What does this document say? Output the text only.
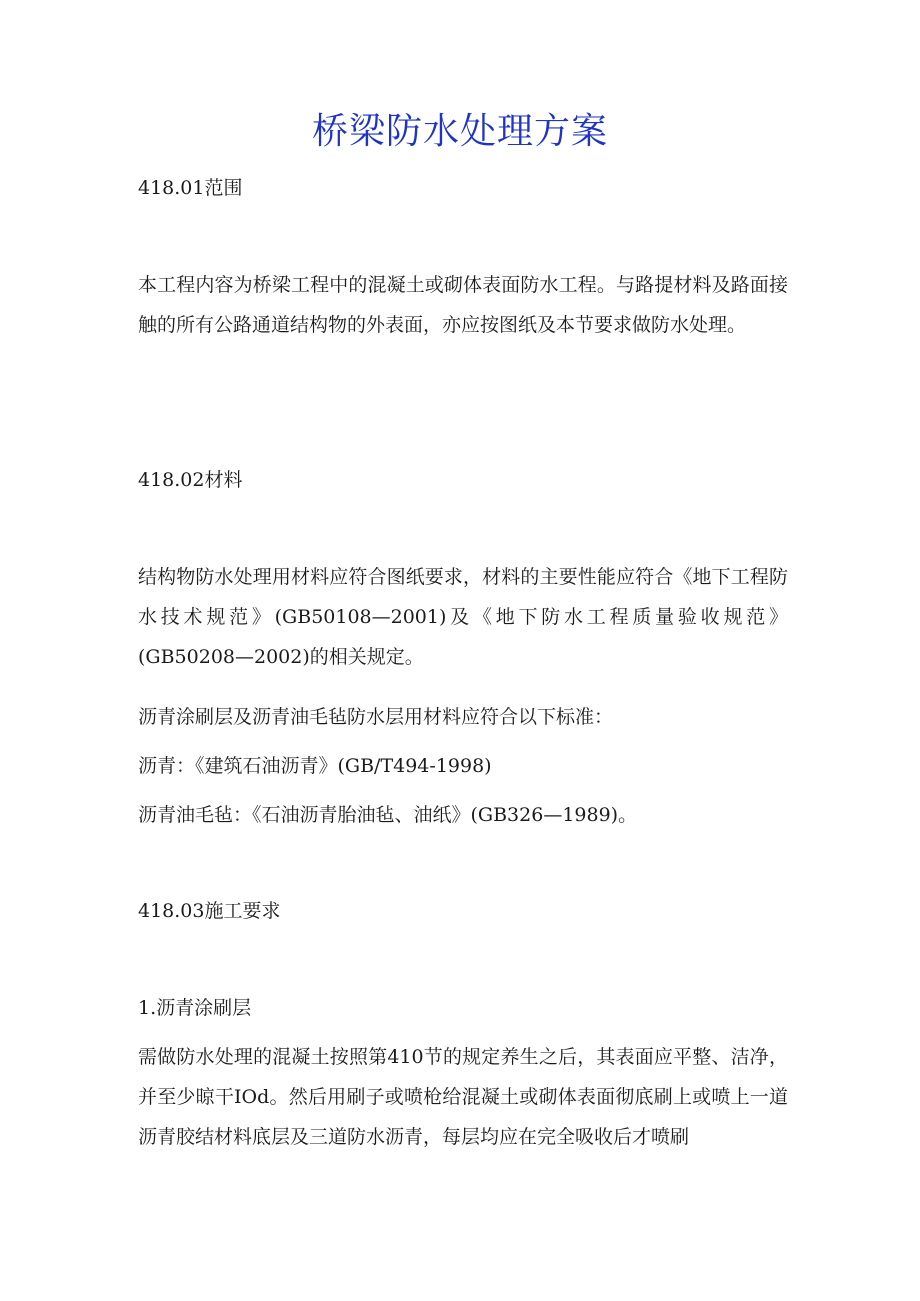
桥梁防水处理方案

418.01范围

本工程内容为桥梁工程中的混凝土或砌体表面防水工程。与路提材料及路面接触的所有公路通道结构物的外表面，亦应按图纸及本节要求做防水处理。

418.02材料

结构物防水处理用材料应符合图纸要求，材料的主要性能应符合《地下工程防水技术规范》(GB50108—2001)及《地下防水工程质量验收规范》(GB50208—2002)的相关规定。

沥青涂刷层及沥青油毛毡防水层用材料应符合以下标准：

沥青：《建筑石油沥青》(GB/T494-1998)

沥青油毛毡：《石油沥青胎油毡、油纸》(GB326—1989)。

418.03施工要求

1.沥青涂刷层

需做防水处理的混凝土按照第410节的规定养生之后，其表面应平整、洁净，并至少晾干IOd。然后用刷子或喷枪给混凝土或砌体表面彻底刷上或喷上一道沥青胶结材料底层及三道防水沥青，每层均应在完全吸收后才喷刷
